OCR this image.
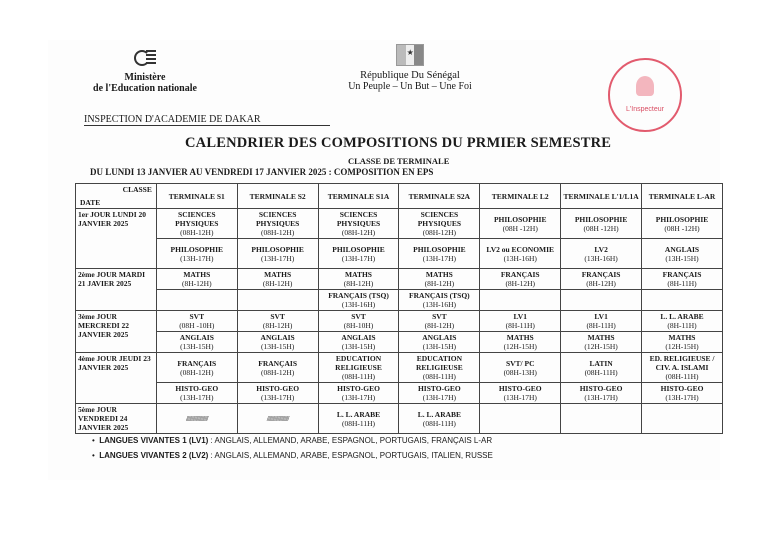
Ministère
de l'Education nationale
★
République Du Sénégal
Un Peuple – Un But – Une Foi
L'Inspecteur
INSPECTION D'ACADEMIE DE DAKAR
CALENDRIER DES COMPOSITIONS DU PRMIER SEMESTRE
CLASSE DE TERMINALE
DU LUNDI 13 JANVIER AU VENDREDI 17 JANVIER 2025 : COMPOSITION EN EPS
CLASSE
DATE	TERMINALE S1	TERMINALE S2	TERMINALE S1A	TERMINALE S2A	TERMINALE L2	TERMINALE L'1/L1A	TERMINALE L-AR
1er JOUR LUNDI 20 JANVIER 2025	SCIENCES PHYSIQUES
(08H-12H)	SCIENCES PHYSIQUES
(08H-12H)	SCIENCES PHYSIQUES
(08H-12H)	SCIENCES PHYSIQUES
(08H-12H)	PHILOSOPHIE
(08H -12H)	PHILOSOPHIE
(08H -12H)	PHILOSOPHIE
(08H -12H)

	PHILOSOPHIE
(13H-17H)	PHILOSOPHIE
(13H-17H)	PHILOSOPHIE
(13H-17H)	PHILOSOPHIE
(13H-17H)	LV2 ou ECONOMIE
(13H-16H)	LV2
(13H-16H)	ANGLAIS
(13H-15H)

2ème JOUR MARDI 21 JAVIER 2025	MATHS
(8H-12H)	MATHS
(8H-12H)	MATHS
(8H-12H)	MATHS
(8H-12H)	FRANÇAIS
(8H-12H)	FRANÇAIS
(8H-12H)	FRANÇAIS
(8H-11H)

			FRANÇAIS (TSQ)
(13H-16H)	FRANÇAIS (TSQ)
(13H-16H)			

3ème JOUR MERCREDI 22 JANVIER 2025	SVT
(08H -10H)	SVT
(8H-12H)	SVT
(8H-10H)	SVT
(8H-12H)	LV1
(8H-11H)	LV1
(8H-11H)	L. L. ARABE
(8H-11H)

	ANGLAIS
(13H-15H)	ANGLAIS
(13H-15H)	ANGLAIS
(13H-15H)	ANGLAIS
(13H-15H)	MATHS
(12H-15H)	MATHS
(12H-15H)	MATHS
(12H-15H)

4ème JOUR JEUDI 23 JANVIER 2025	FRANÇAIS
(08H-12H)	FRANÇAIS
(08H-12H)	EDUCATION RELIGIEUSE
(08H-11H)	EDUCATION RELIGIEUSE
(08H-11H)	SVT/ PC
(08H-13H)	LATIN
(08H-11H)	ED. RELIGIEUSE / CIV. A. ISLAMI
(08H-11H)

	HISTO-GEO
(13H-17H)	HISTO-GEO
(13H-17H)	HISTO-GEO
(13H-17H)	HISTO-GEO
(13H-17H)	HISTO-GEO
(13H-17H)	HISTO-GEO
(13H-17H)	HISTO-GEO
(13H-17H)

5ème JOUR VENDREDI 24 JANVIER 2025	////////////////////	////////////////////	L. L. ARABE
(08H-11H)	L. L. ARABE
(08H-11H)			

•  LANGUES VIVANTES 1 (LV1) : ANGLAIS, ALLEMAND, ARABE, ESPAGNOL, PORTUGAIS, FRANÇAIS L-AR
•  LANGUES VIVANTES 2 (LV2) : ANGLAIS, ALLEMAND, ARABE, ESPAGNOL, PORTUGAIS, ITALIEN, RUSSE
